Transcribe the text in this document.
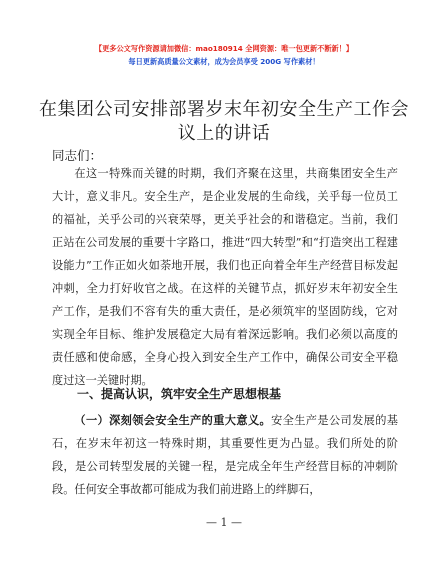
【更多公文写作资源请加微信：mao180914 全网资源：唯一包更新不断新！】
每日更新高质量公文素材，成为会员享受 200G 写作素材！
在集团公司安排部署岁末年初安全生产工作会
议上的讲话
同志们：
在这一特殊而关键的时期，我们齐聚在这里，共商集团安全生产大计，意义非凡。安全生产，是企业发展的生命线，关乎每一位员工的福祉，关乎公司的兴衰荣辱，更关乎社会的和谐稳定。当前，我们正站在公司发展的重要十字路口，推进“四大转型”和“打造突出工程建设能力”工作正如火如荼地开展，我们也正向着全年生产经营目标发起冲刺，全力打好收官之战。在这样的关键节点，抓好岁末年初安全生产工作，是我们不容有失的重大责任，是必须筑牢的坚固防线，它对实现全年目标、维护发展稳定大局有着深远影响。我们必须以高度的责任感和使命感，全身心投入到安全生产工作中，确保公司安全平稳度过这一关键时期。
一、提高认识，筑牢安全生产思想根基
（一）深刻领会安全生产的重大意义。安全生产是公司发展的基石，在岁末年初这一特殊时期，其重要性更为凸显。我们所处的阶段，是公司转型发展的关键一程，是完成全年生产经营目标的冲刺阶段。任何安全事故都可能成为我们前进路上的绊脚石，
— 1 —
